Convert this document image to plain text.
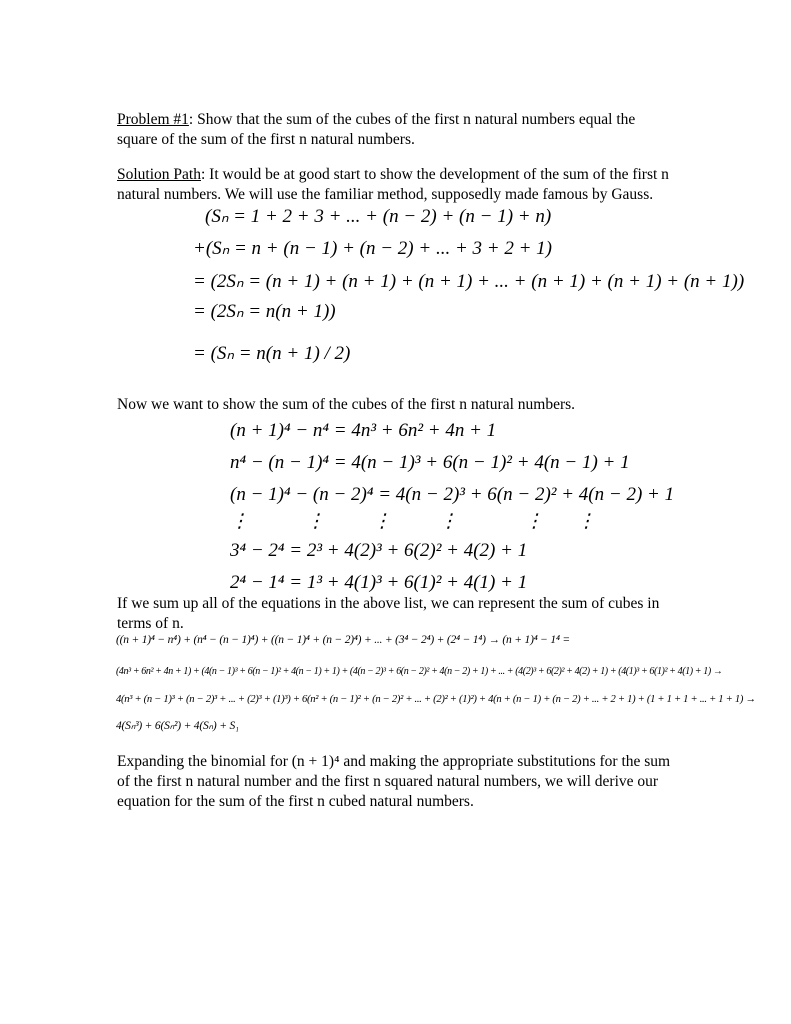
Problem #1: Show that the sum of the cubes of the first n natural numbers equal the
square of the sum of the first n natural numbers.
Solution Path: It would be at good start to show the development of the sum of the first n
natural numbers. We will use the familiar method, supposedly made famous by Gauss.
(Sₙ = 1 + 2 + 3 + ... + (n − 2) + (n − 1) + n)
+(Sₙ = n + (n − 1) + (n − 2) + ... + 3 + 2 + 1)
= (2Sₙ = (n + 1) + (n + 1) + (n + 1) + ... + (n + 1) + (n + 1) + (n + 1))
= (2Sₙ = n(n + 1))
= (Sₙ = n(n + 1) / 2)
Now we want to show the sum of the cubes of the first n natural numbers.
(n + 1)⁴ − n⁴ = 4n³ + 6n² + 4n + 1
n⁴ − (n − 1)⁴ = 4(n − 1)³ + 6(n − 1)² + 4(n − 1) + 1
(n − 1)⁴ − (n − 2)⁴ = 4(n − 2)³ + 6(n − 2)² + 4(n − 2) + 1
⋮            ⋮          ⋮          ⋮              ⋮       ⋮
3⁴ − 2⁴ = 2³ + 4(2)³ + 6(2)² + 4(2) + 1
2⁴ − 1⁴ = 1³ + 4(1)³ + 6(1)² + 4(1) + 1
If we sum up all of the equations in the above list, we can represent the sum of cubes in
terms of n.
((n + 1)⁴ − n⁴) + (n⁴ − (n − 1)⁴) + ((n − 1)⁴ + (n − 2)⁴) + ... + (3⁴ − 2⁴) + (2⁴ − 1⁴) → (n + 1)⁴ − 1⁴ =
(4n³ + 6n² + 4n + 1) + (4(n − 1)³ + 6(n − 1)² + 4(n − 1) + 1) + (4(n − 2)³ + 6(n − 2)² + 4(n − 2) + 1) + ... + (4(2)³ + 6(2)² + 4(2) + 1) + (4(1)³ + 6(1)² + 4(1) + 1) →
4(n³ + (n − 1)³ + (n − 2)³ + ... + (2)³ + (1)³) + 6(n² + (n − 1)² + (n − 2)² + ... + (2)² + (1)²) + 4(n + (n − 1) + (n − 2) + ... + 2 + 1) + (1 + 1 + 1 + ... + 1 + 1) →
4(Sₙ³) + 6(Sₙ²) + 4(Sₙ) + S₁
Expanding the binomial for (n + 1)⁴ and making the appropriate substitutions for the sum
of the first n natural number and the first n squared natural numbers, we will derive our
equation for the sum of the first n cubed natural numbers.
